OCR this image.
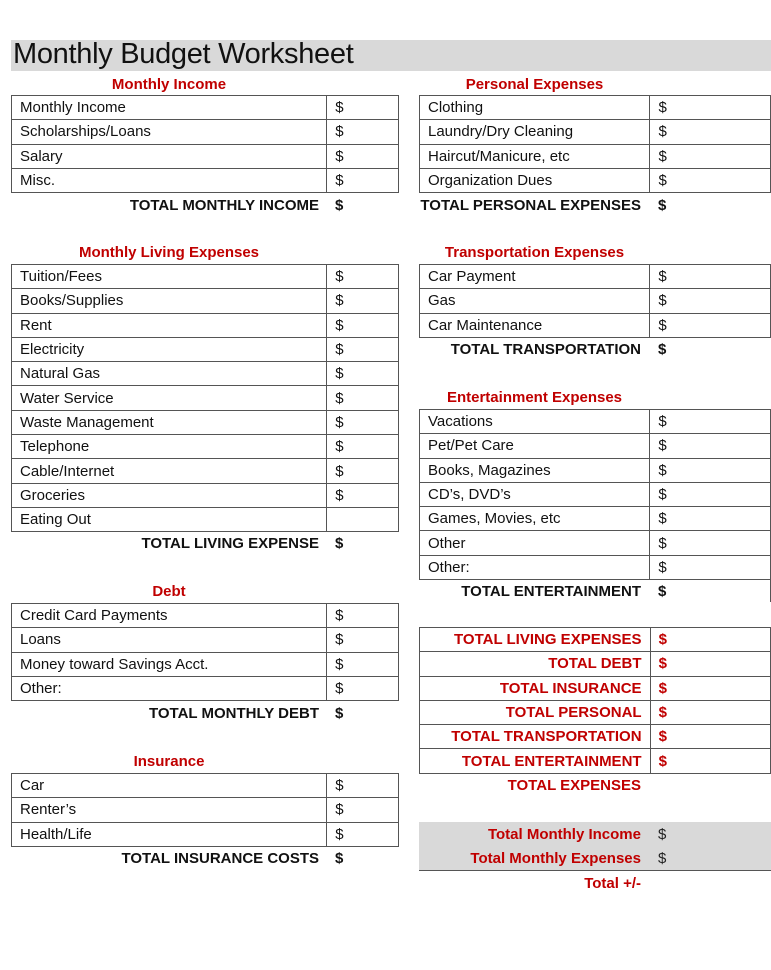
Monthly Budget Worksheet
Monthly Income
Monthly Income	$
Scholarships/Loans	$
Salary	$
Misc.	$
TOTAL MONTHLY INCOME $
Monthly Living Expenses
Tuition/Fees	$
Books/Supplies	$
Rent	$
Electricity	$
Natural Gas	$
Water Service	$
Waste Management	$
Telephone	$
Cable/Internet	$
Groceries	$
Eating Out	
TOTAL LIVING EXPENSE $
Debt
Credit Card Payments	$
Loans	$
Money toward Savings Acct.	$
Other:	$
TOTAL MONTHLY DEBT $
Insurance
Car	$
Renter’s	$
Health/Life	$
TOTAL INSURANCE COSTS $
Personal Expenses
Clothing	$
Laundry/Dry Cleaning	$
Haircut/Manicure, etc	$
Organization Dues	$
TOTAL PERSONAL EXPENSES $
Transportation Expenses
Car Payment	$
Gas	$
Car Maintenance	$
TOTAL TRANSPORTATION $
Entertainment Expenses
Vacations	$
Pet/Pet Care	$
Books, Magazines	$
CD’s, DVD’s	$
Games, Movies, etc	$
Other	$
Other:	$
TOTAL ENTERTAINMENT $
TOTAL LIVING EXPENSES	$
TOTAL DEBT	$
TOTAL INSURANCE	$
TOTAL PERSONAL	$
TOTAL TRANSPORTATION	$
TOTAL ENTERTAINMENT	$
TOTAL EXPENSES
Total Monthly Income $
Total Monthly Expenses $
Total +/-
